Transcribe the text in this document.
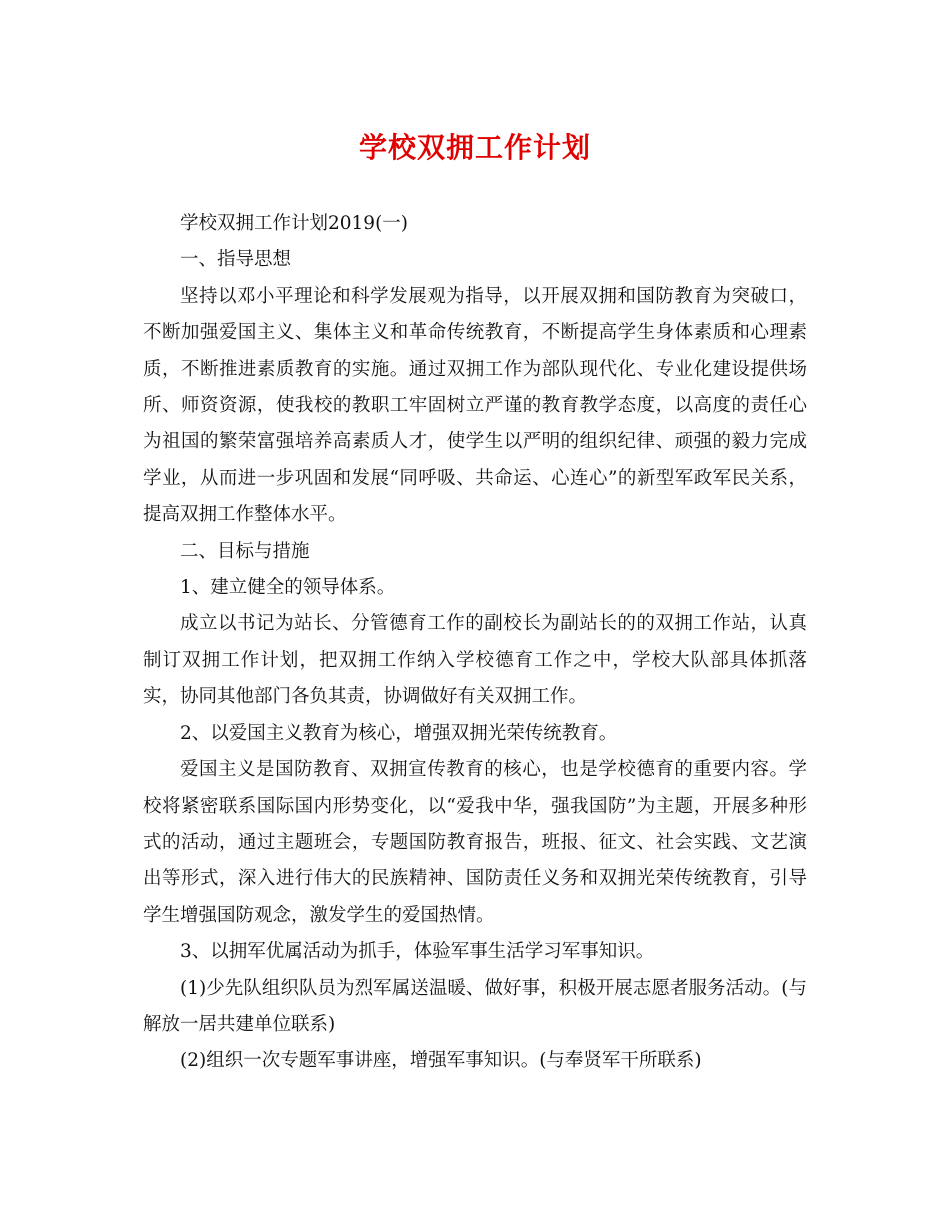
学校双拥工作计划

学校双拥工作计划2019(一)

一、指导思想

坚持以邓小平理论和科学发展观为指导，以开展双拥和国防教育为突破口，不断加强爱国主义、集体主义和革命传统教育，不断提高学生身体素质和心理素质，不断推进素质教育的实施。通过双拥工作为部队现代化、专业化建设提供场所、师资资源，使我校的教职工牢固树立严谨的教育教学态度，以高度的责任心为祖国的繁荣富强培养高素质人才，使学生以严明的组织纪律、顽强的毅力完成学业，从而进一步巩固和发展“同呼吸、共命运、心连心”的新型军政军民关系，提高双拥工作整体水平。

二、目标与措施

1、建立健全的领导体系。

成立以书记为站长、分管德育工作的副校长为副站长的的双拥工作站，认真制订双拥工作计划，把双拥工作纳入学校德育工作之中，学校大队部具体抓落实，协同其他部门各负其责，协调做好有关双拥工作。

2、以爱国主义教育为核心，增强双拥光荣传统教育。

爱国主义是国防教育、双拥宣传教育的核心，也是学校德育的重要内容。学校将紧密联系国际国内形势变化，以“爱我中华，强我国防”为主题，开展多种形式的活动，通过主题班会，专题国防教育报告，班报、征文、社会实践、文艺演出等形式，深入进行伟大的民族精神、国防责任义务和双拥光荣传统教育，引导学生增强国防观念，激发学生的爱国热情。

3、以拥军优属活动为抓手，体验军事生活学习军事知识。

(1)少先队组织队员为烈军属送温暖、做好事，积极开展志愿者服务活动。(与解放一居共建单位联系)

(2)组织一次专题军事讲座，增强军事知识。(与奉贤军干所联系)
